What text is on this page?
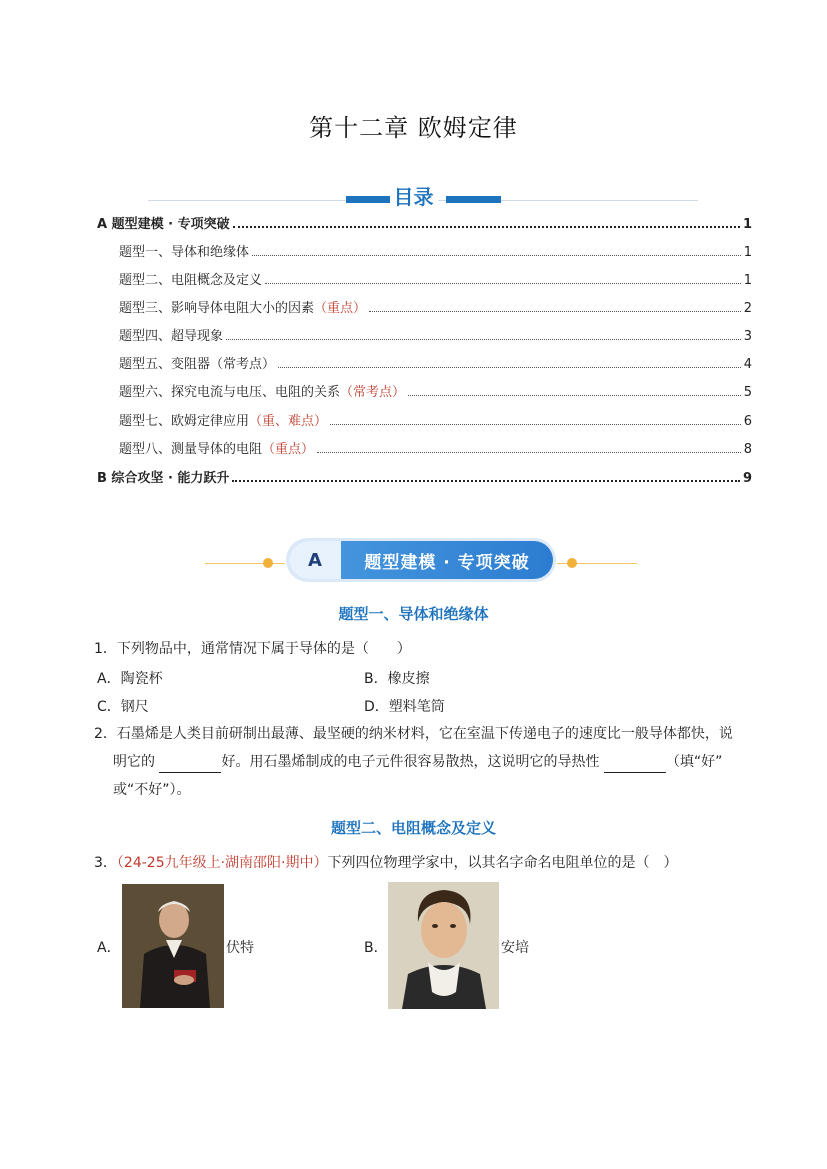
第十二章 欧姆定律
目录
A 题型建模 · 专项突破	1
题型一、导体和绝缘体	1
题型二、电阻概念及定义	1
题型三、影响导体电阻大小的因素（重点）	2
题型四、超导现象	3
题型五、变阻器（常考点）	4
题型六、探究电流与电压、电阻的关系（常考点）	5
题型七、欧姆定律应用（重、难点）	6
题型八、测量导体的电阻（重点）	8
B 综合攻坚 · 能力跃升	9
A	题型建模 · 专项突破
题型一、导体和绝缘体
1．下列物品中，通常情况下属于导体的是（　　）
A．陶瓷杯	B．橡皮擦
C．钢尺	D．塑料笔筒
2．石墨烯是人类目前研制出最薄、最坚硬的纳米材料，它在室温下传递电子的速度比一般导体都快，说
明它的	好。用石墨烯制成的电子元件很容易散热，这说明它的导热性	（填“好”
或“不好”）。
题型二、电阻概念及定义
3．（24-25九年级上·湖南邵阳·期中）下列四位物理学家中，以其名字命名电阻单位的是（　）
A．	伏特	B．	安培
